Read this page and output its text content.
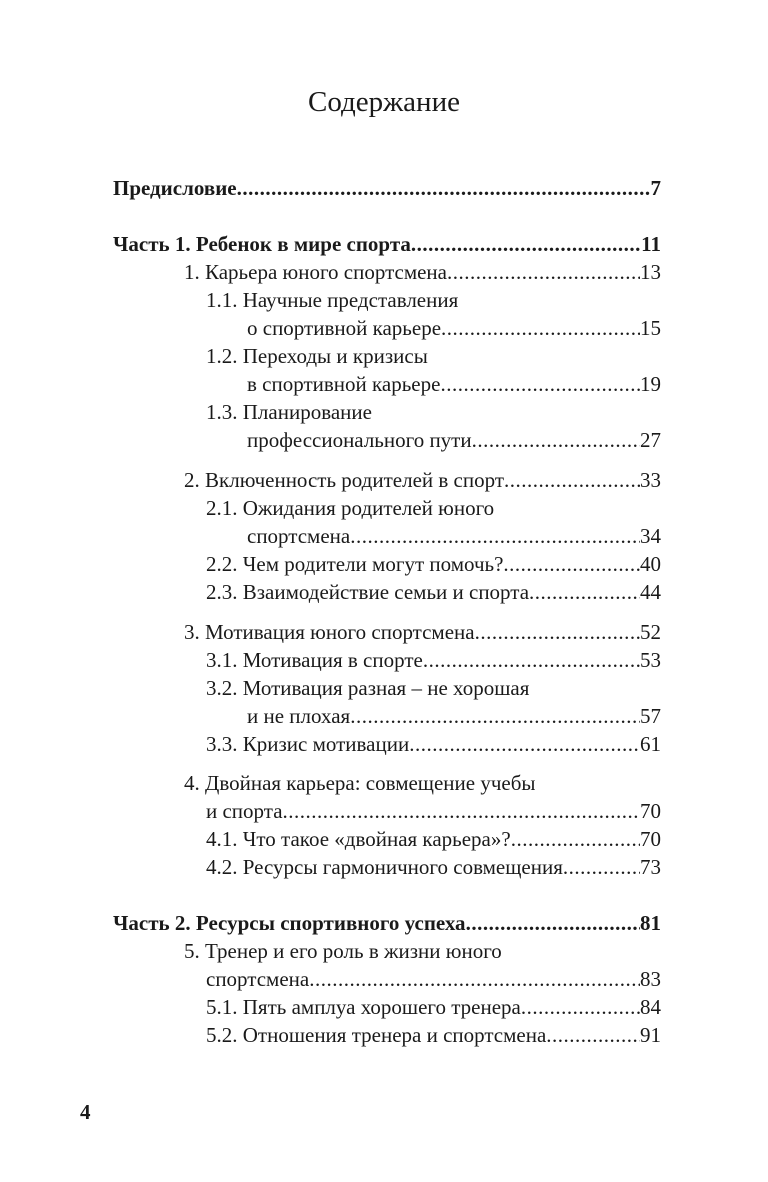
Содержание
Предисловие .....	7
Часть 1. Ребенок в мире спорта .....	11
1. Карьера юного спортсмена .....	13
1.1. Научные представления
о спортивной карьере .....	15
1.2. Переходы и кризисы
в спортивной карьере .....	19
1.3. Планирование
профессионального пути .....	27
2. Включенность родителей в спорт .....	33
2.1. Ожидания родителей юного
спортсмена .....	34
2.2. Чем родители могут помочь? .....	40
2.3. Взаимодействие семьи и спорта .....	44
3. Мотивация юного спортсмена .....	52
3.1. Мотивация в спорте .....	53
3.2. Мотивация разная – не хорошая
и не плохая .....	57
3.3. Кризис мотивации .....	61
4. Двойная карьера: совмещение учебы
и спорта .....	70
4.1. Что такое «двойная карьера»? .....	70
4.2. Ресурсы гармоничного совмещения .....	73
Часть 2. Ресурсы спортивного успеха .....	81
5. Тренер и его роль в жизни юного
спортсмена .....	83
5.1. Пять амплуа хорошего тренера .....	84
5.2. Отношения тренера и спортсмена .....	91
4
